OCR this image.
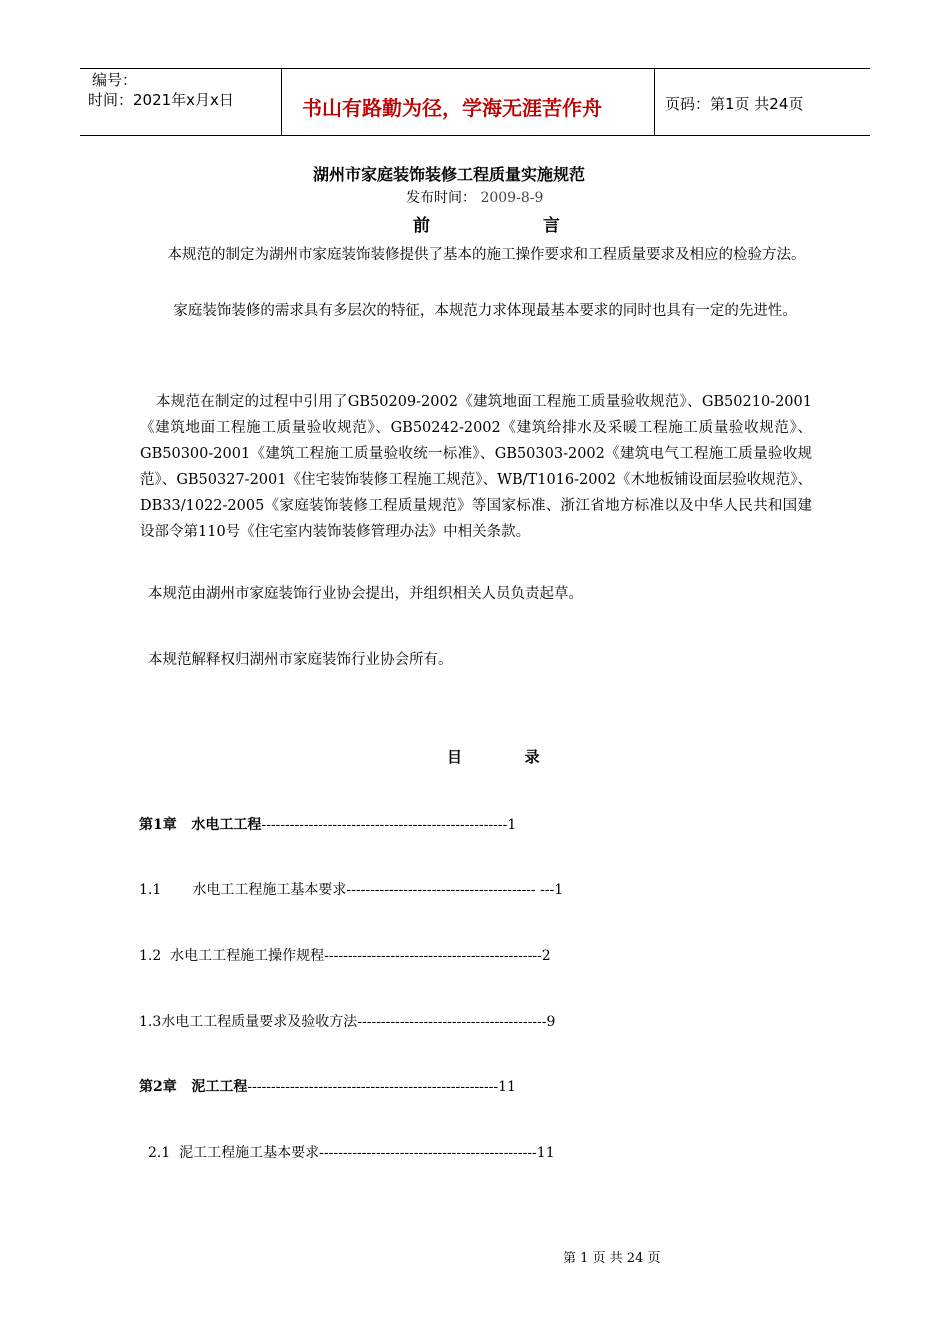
编号：
时间：2021年x月x日	书山有路勤为径，学海无涯苦作舟	页码：第1页 共24页
湖州市家庭装饰装修工程质量实施规范
发布时间： 2009-8-9
前              言
本规范的制定为湖州市家庭装饰装修提供了基本的施工操作要求和工程质量要求及相应的检验方法。
家庭装饰装修的需求具有多层次的特征，本规范力求体现最基本要求的同时也具有一定的先进性。
本规范在制定的过程中引用了GB50209-2002《建筑地面工程施工质量验收规范》、GB50210-2001《建筑地面工程施工质量验收规范》、GB50242-2002《建筑给排水及采暖工程施工质量验收规范》、GB50300-2001《建筑工程施工质量验收统一标准》、GB50303-2002《建筑电气工程施工质量验收规范》、GB50327-2001《住宅装饰装修工程施工规范》、WB/T1016-2002《木地板铺设面层验收规范》、DB33/1022-2005《家庭装饰装修工程质量规范》等国家标准、浙江省地方标准以及中华人民共和国建设部令第110号《住宅室内装饰装修管理办法》中相关条款。
本规范由湖州市家庭装饰行业协会提出，并组织相关人员负责起草。
本规范解释权归湖州市家庭装饰行业协会所有。
目            录
第1章   水电工工程----------------------------------------------------1
1.1       水电工工程施工基本要求---------------------------------------- ---1
1.2  水电工工程施工操作规程----------------------------------------------2
1.3水电工工程质量要求及验收方法----------------------------------------9
第2章   泥工工程-----------------------------------------------------11
2.1  泥工工程施工基本要求----------------------------------------------11
第 1 页 共 24 页
